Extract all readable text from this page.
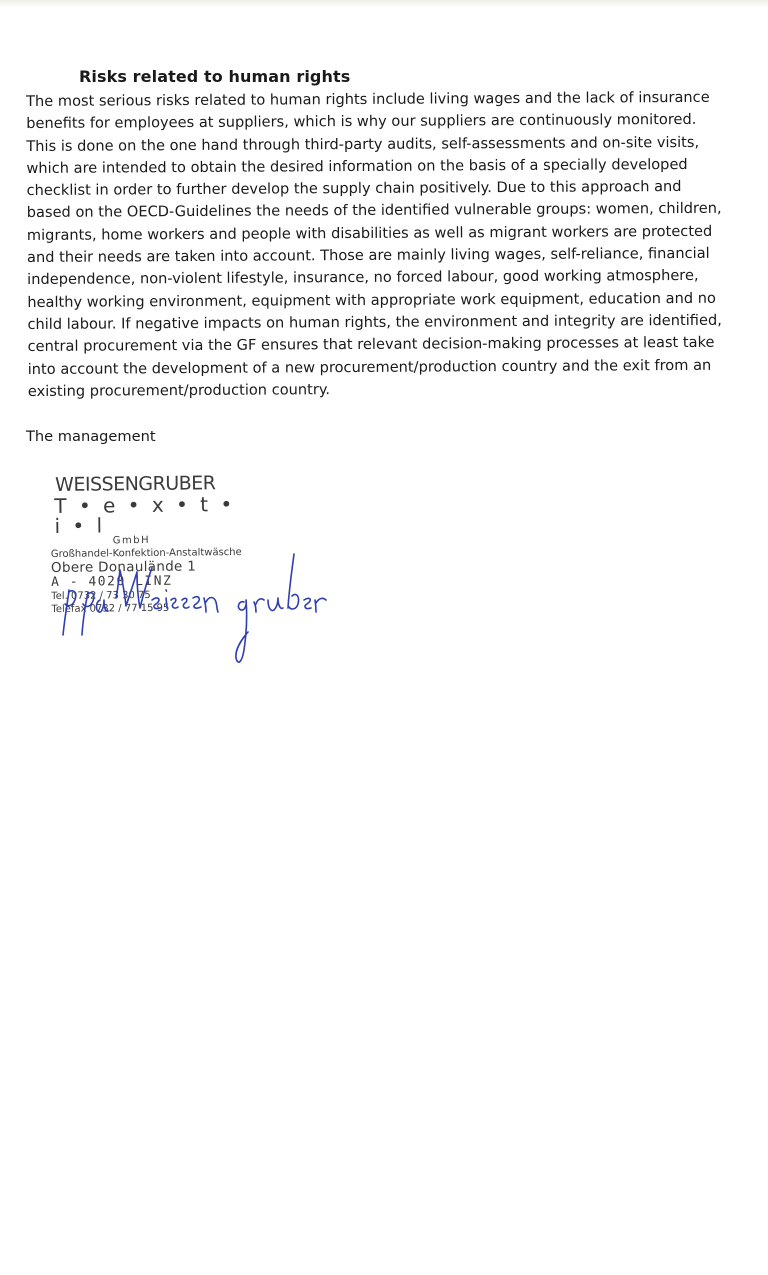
Risks related to human rights

The most serious risks related to human rights include living wages and the lack of insurance benefits for employees at suppliers, which is why our suppliers are continuously monitored. This is done on the one hand through third-party audits, self-assessments and on-site visits, which are intended to obtain the desired information on the basis of a specially developed checklist in order to further develop the supply chain positively. Due to this approach and based on the OECD-Guidelines the needs of the identified vulnerable groups: women, children, migrants, home workers and people with disabilities as well as migrant workers are protected and their needs are taken into account. Those are mainly living wages, self-reliance, financial independence, non-violent lifestyle, insurance, no forced labour, good working atmosphere, healthy working environment, equipment with appropriate work equipment, education and no child labour. If negative impacts on human rights, the environment and integrity are identified, central procurement via the GF ensures that relevant decision-making processes at least take into account the development of a new procurement/production country and the exit from an existing procurement/production country.

The management

WEISSENGRUBER
T • e • x • t • i • l
GmbH
Großhandel-Konfektion-Anstaltwäsche
Obere Donaulände 1
A - 4020 LINZ
Tel. 0732 / 73 30 75
Telefax 0732 / 77 15 95
